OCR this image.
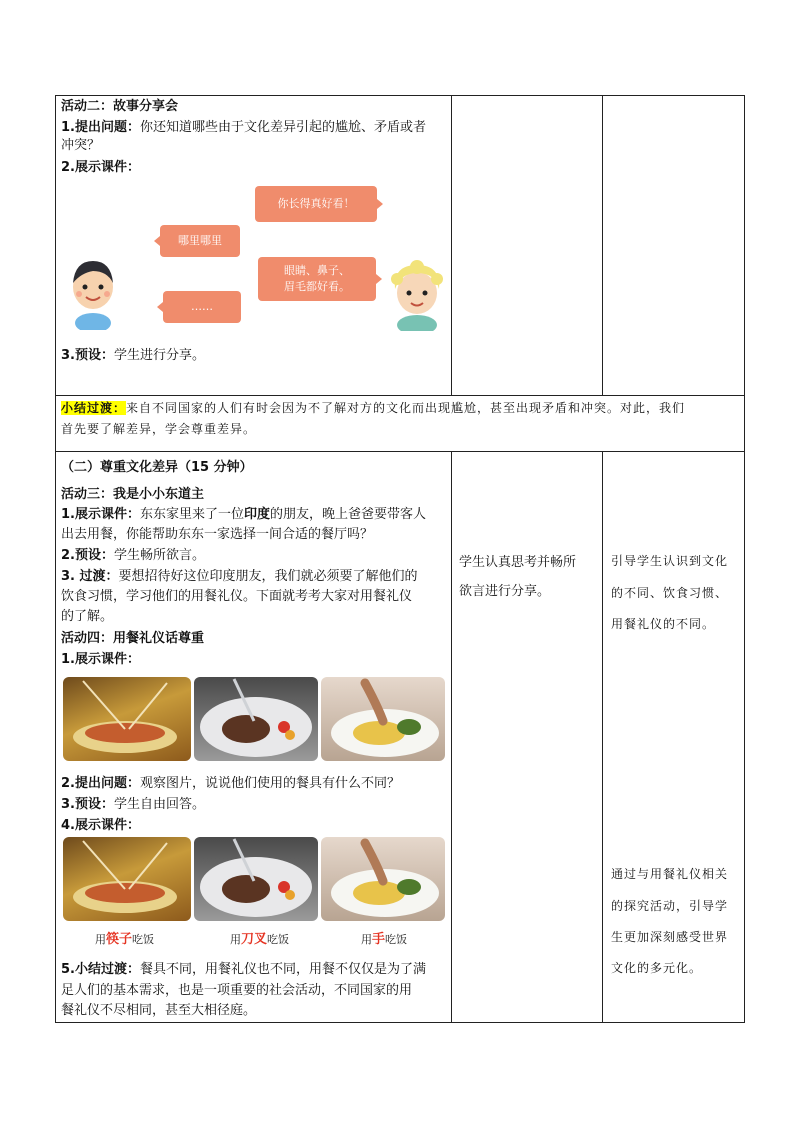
活动二：故事分享会
1.提出问题：你还知道哪些由于文化差异引起的尴尬、矛盾或者
冲突？
2.展示课件：
你长得真好看！
哪里哪里
眼睛、鼻子、
眉毛都好看。
……
3.预设：学生进行分享。
小结过渡：来自不同国家的人们有时会因为不了解对方的文化而出现尴尬，甚至出现矛盾和冲突。对此，我们
首先要了解差异，学会尊重差异。
（二）尊重文化差异（15 分钟）
活动三：我是小小东道主
1.展示课件：东东家里来了一位印度的朋友，晚上爸爸要带客人
出去用餐，你能帮助东东一家选择一间合适的餐厅吗？
2.预设：学生畅所欲言。
3. 过渡：要想招待好这位印度朋友，我们就必须要了解他们的
饮食习惯，学习他们的用餐礼仪。下面就考考大家对用餐礼仪
的了解。
活动四：用餐礼仪话尊重
1.展示课件：
2.提出问题：观察图片，说说他们使用的餐具有什么不同？
3.预设：学生自由回答。
4.展示课件：
用筷子吃饭	用刀叉吃饭	用手吃饭
5.小结过渡：餐具不同，用餐礼仪也不同，用餐不仅仅是为了满
足人们的基本需求，也是一项重要的社会活动，不同国家的用
餐礼仪不尽相同，甚至大相径庭。
学生认真思考并畅所
欲言进行分享。
引导学生认识到文化
的不同、饮食习惯、
用餐礼仪的不同。
通过与用餐礼仪相关
的探究活动，引导学
生更加深刻感受世界
文化的多元化。
